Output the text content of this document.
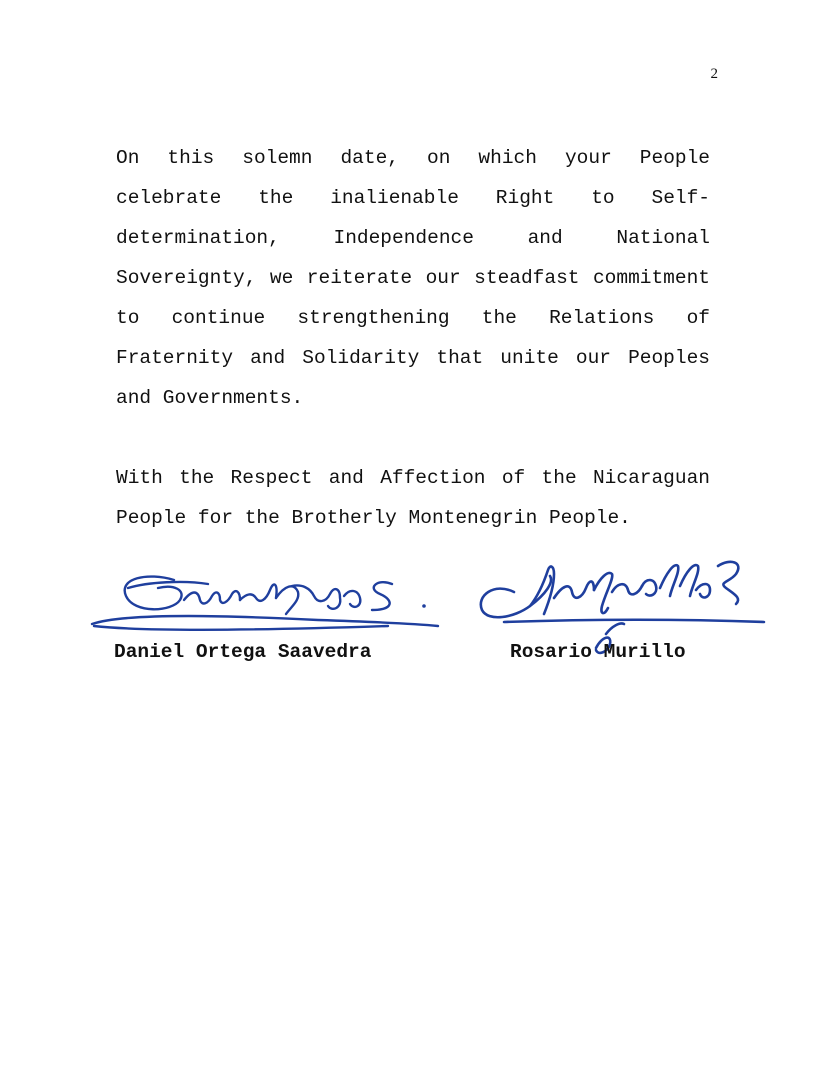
2

On this solemn date, on which your People celebrate the inalienable Right to Self-determination, Independence and National Sovereignty, we reiterate our steadfast commitment to continue strengthening the Relations of Fraternity and Solidarity that unite our Peoples and Governments.

With the Respect and Affection of the Nicaraguan People for the Brotherly Montenegrin People.

Daniel Ortega Saavedra	Rosario Murillo
